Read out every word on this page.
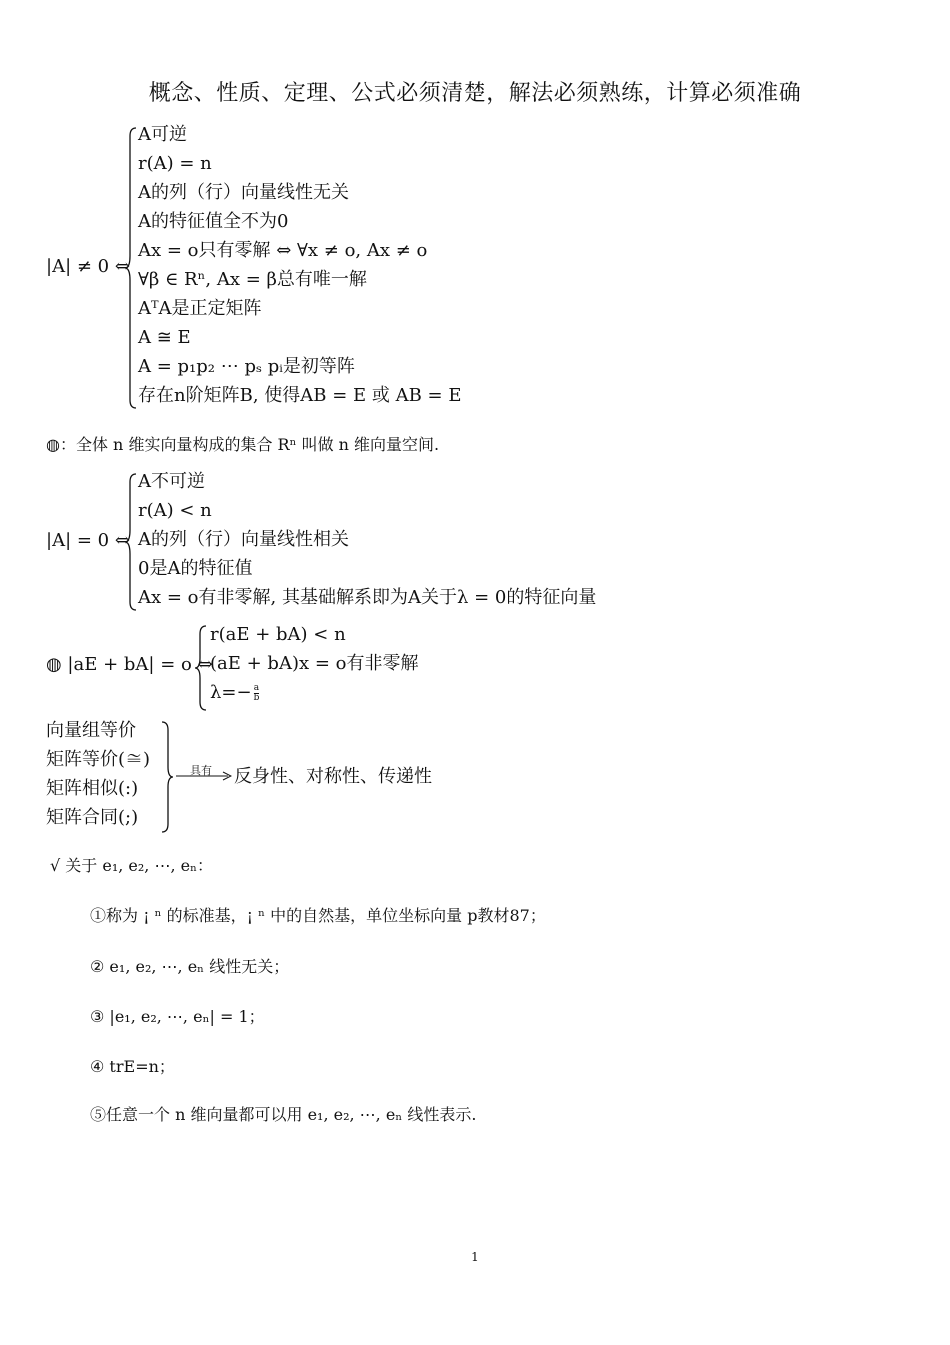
概念、性质、定理、公式必须清楚，解法必须熟练，计算必须准确
|A| ≠ 0 ⇔
A可逆
r(A) = n
A的列（行）向量线性无关
A的特征值全不为0
Ax = o只有零解 ⇔ ∀x ≠ o, Ax ≠ o
∀β ∈ Rⁿ, Ax = β总有唯一解
AᵀA是正定矩阵
A ≅ E
A = p₁p₂ ⋯ pₛ pᵢ是初等阵
存在n阶矩阵B, 使得AB = E 或 AB = E
◍：全体 n 维实向量构成的集合 Rⁿ 叫做 n 维向量空间.
|A| = 0 ⇔
A不可逆
r(A) < n
A的列（行）向量线性相关
0是A的特征值
Ax = o有非零解, 其基础解系即为A关于λ = 0的特征向量
◍ |aE + bA| = o ⇔
r(aE + bA) < n
(aE + bA)x = o有非零解
$\lambda=- \frac{a}{b}$
向量组等价
矩阵等价(≅)
矩阵相似(:)
矩阵合同(;)
具有 反身性、对称性、传递性
√ 关于 e₁, e₂, ⋯, eₙ：
①称为 ¡ ⁿ 的标准基，¡ ⁿ 中的自然基，单位坐标向量 p教材87；
② e₁, e₂, ⋯, eₙ 线性无关；
③ |e₁, e₂, ⋯, eₙ| = 1；
④ trE=n；
⑤任意一个 n 维向量都可以用 e₁, e₂, ⋯, eₙ 线性表示.
1
